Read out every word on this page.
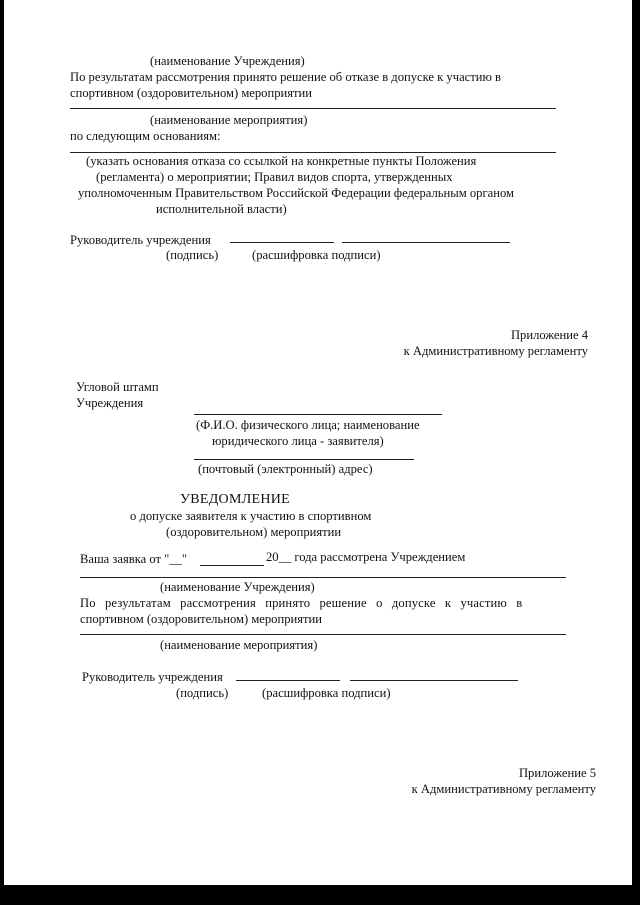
(наименование Учреждения)
По результатам рассмотрения принято решение об отказе в допуске к участию в
спортивном (оздоровительном) мероприятии
(наименование мероприятия)
по следующим основаниям:
(указать основания отказа со ссылкой на конкретные пункты Положения
(регламента) о мероприятии; Правил видов спорта, утвержденных
уполномоченным Правительством Российской Федерации федеральным органом
исполнительной власти)
Руководитель учреждения
(подпись)	(расшифровка подписи)
Приложение 4
к Административному регламенту
Угловой штамп
Учреждения
(Ф.И.О. физического лица; наименование
юридического лица - заявителя)
(почтовый (электронный) адрес)
УВЕДОМЛЕНИЕ
о допуске заявителя к участию в спортивном
(оздоровительном) мероприятии
Ваша заявка от "__"	20__ года рассмотрена Учреждением
(наименование Учреждения)
По результатам рассмотрения принято решение о допуске к участию в
спортивном (оздоровительном) мероприятии
(наименование мероприятия)
Руководитель учреждения
(подпись)	(расшифровка подписи)
Приложение 5
к Административному регламенту
